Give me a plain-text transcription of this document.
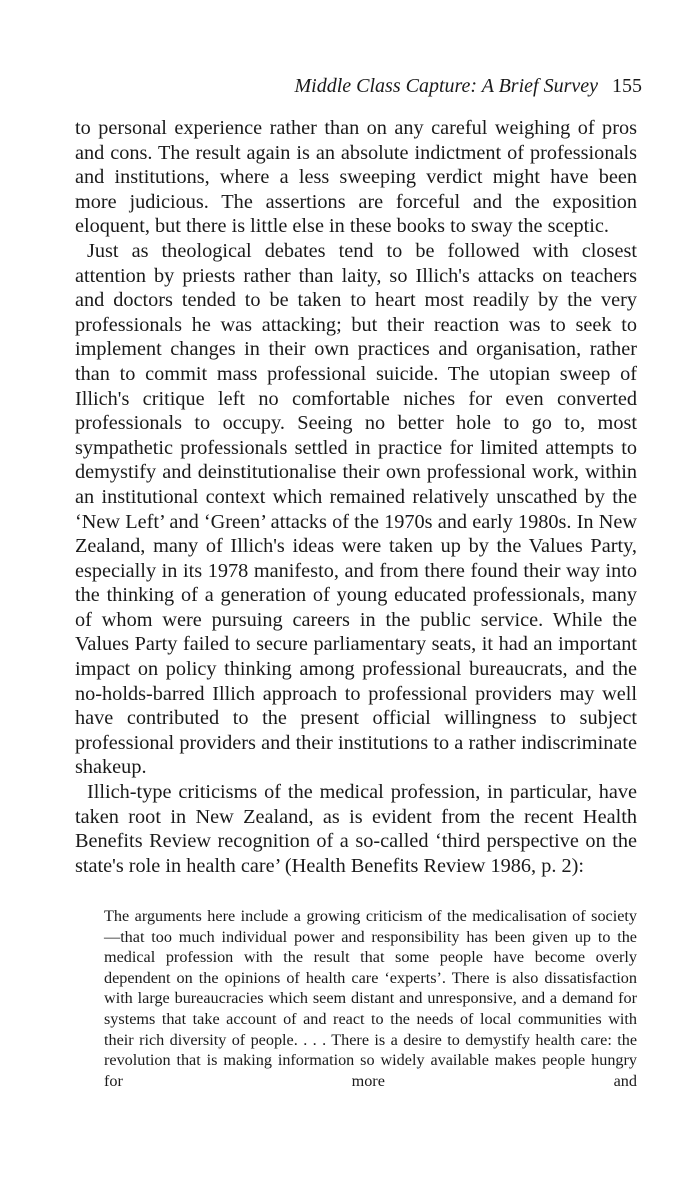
Middle Class Capture: A Brief Survey 155

to personal experience rather than on any careful weighing of pros and cons. The result again is an absolute indictment of professionals and institutions, where a less sweeping verdict might have been more judicious. The assertions are forceful and the exposition eloquent, but there is little else in these books to sway the sceptic.

Just as theological debates tend to be followed with closest attention by priests rather than laity, so Illich's attacks on teachers and doctors tended to be taken to heart most readily by the very professionals he was attacking; but their reaction was to seek to implement changes in their own practices and organisation, rather than to commit mass professional suicide. The utopian sweep of Illich's critique left no comfortable niches for even converted professionals to occupy. Seeing no better hole to go to, most sympathetic professionals settled in practice for limited attempts to demystify and deinstitutionalise their own professional work, within an institutional context which remained relatively unscathed by the ‘New Left’ and ‘Green’ attacks of the 1970s and early 1980s. In New Zealand, many of Illich's ideas were taken up by the Values Party, especially in its 1978 manifesto, and from there found their way into the thinking of a generation of young educated professionals, many of whom were pursuing careers in the public service. While the Values Party failed to secure parliamentary seats, it had an important impact on policy thinking among professional bureaucrats, and the no-holds-barred Illich approach to professional providers may well have contributed to the present official willingness to subject professional providers and their institutions to a rather indiscriminate shakeup.

Illich-type criticisms of the medical profession, in particular, have taken root in New Zealand, as is evident from the recent Health Benefits Review recognition of a so-called ‘third perspective on the state's role in health care’ (Health Benefits Review 1986, p. 2):

The arguments here include a growing criticism of the medicalisation of society—that too much individual power and responsibility has been given up to the medical profession with the result that some people have become overly dependent on the opinions of health care ‘experts’. There is also dissatisfaction with large bureaucracies which seem distant and unresponsive, and a demand for systems that take account of and react to the needs of local communities with their rich diversity of people. . . . There is a desire to demystify health care: the revolution that is making information so widely available makes people hungry for more and
